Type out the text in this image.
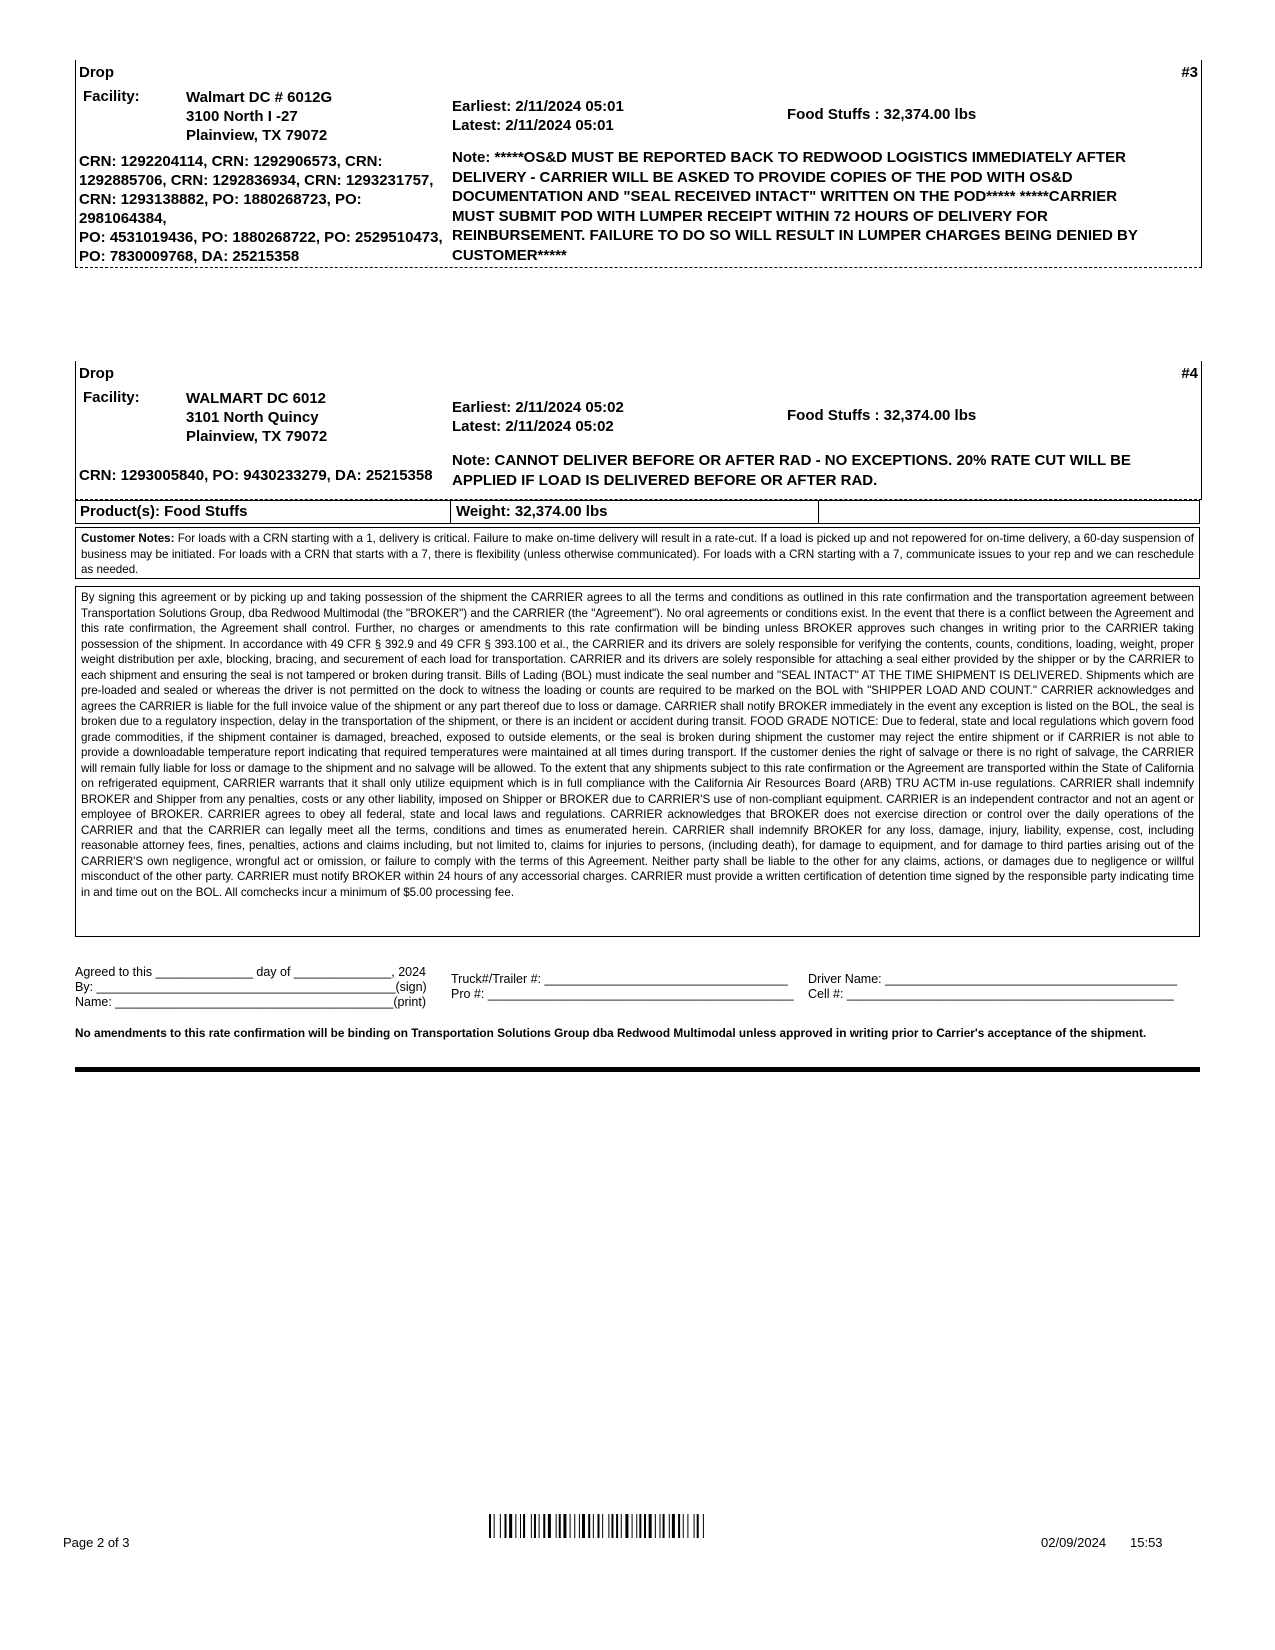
Drop	#3
Facility:	Walmart DC # 6012G
3100 North I -27
Plainview, TX 79072
Earliest: 2/11/2024 05:01
Latest: 2/11/2024 05:01
Food Stuffs : 32,374.00 lbs
CRN: 1292204114, CRN: 1292906573, CRN:
1292885706, CRN: 1292836934, CRN: 1293231757,
CRN: 1293138882, PO: 1880268723, PO: 2981064384,
PO: 4531019436, PO: 1880268722, PO: 2529510473,
PO: 7830009768, DA: 25215358
Note: *****OS&D MUST BE REPORTED BACK TO REDWOOD LOGISTICS IMMEDIATELY AFTER
DELIVERY - CARRIER WILL BE ASKED TO PROVIDE COPIES OF THE POD WITH OS&D
DOCUMENTATION AND "SEAL RECEIVED INTACT" WRITTEN ON THE POD***** *****CARRIER
MUST SUBMIT POD WITH LUMPER RECEIPT WITHIN 72 HOURS OF DELIVERY FOR
REINBURSEMENT. FAILURE TO DO SO WILL RESULT IN LUMPER CHARGES BEING DENIED BY
CUSTOMER*****
Drop	#4
Facility:	WALMART DC 6012
3101 North Quincy
Plainview, TX 79072
Earliest: 2/11/2024 05:02
Latest: 2/11/2024 05:02
Food Stuffs : 32,374.00 lbs
CRN: 1293005840, PO: 9430233279, DA: 25215358
Note: CANNOT DELIVER BEFORE OR AFTER RAD - NO EXCEPTIONS. 20% RATE CUT WILL BE
APPLIED IF LOAD IS DELIVERED BEFORE OR AFTER RAD.
Product(s): Food Stuffs	Weight: 32,374.00 lbs
Customer Notes: For loads with a CRN starting with a 1, delivery is critical. Failure to make on-time delivery will result in a rate-cut. If a load is picked up and not repowered for on-time delivery, a 60-day suspension of business may be initiated. For loads with a CRN that starts with a 7, there is flexibility (unless otherwise communicated). For loads with a CRN starting with a 7, communicate issues to your rep and we can reschedule as needed.
By signing this agreement or by picking up and taking possession of the shipment the CARRIER agrees to all the terms and conditions as outlined in this rate confirmation and the transportation agreement between Transportation Solutions Group, dba Redwood Multimodal (the "BROKER") and the CARRIER (the "Agreement"). No oral agreements or conditions exist. In the event that there is a conflict between the Agreement and this rate confirmation, the Agreement shall control. Further, no charges or amendments to this rate confirmation will be binding unless BROKER approves such changes in writing prior to the CARRIER taking possession of the shipment. In accordance with 49 CFR § 392.9 and 49 CFR § 393.100 et al., the CARRIER and its drivers are solely responsible for verifying the contents, counts, conditions, loading, weight, proper weight distribution per axle, blocking, bracing, and securement of each load for transportation. CARRIER and its drivers are solely responsible for attaching a seal either provided by the shipper or by the CARRIER to each shipment and ensuring the seal is not tampered or broken during transit. Bills of Lading (BOL) must indicate the seal number and "SEAL INTACT" AT THE TIME SHIPMENT IS DELIVERED. Shipments which are pre-loaded and sealed or whereas the driver is not permitted on the dock to witness the loading or counts are required to be marked on the BOL with "SHIPPER LOAD AND COUNT." CARRIER acknowledges and agrees the CARRIER is liable for the full invoice value of the shipment or any part thereof due to loss or damage. CARRIER shall notify BROKER immediately in the event any exception is listed on the BOL, the seal is broken due to a regulatory inspection, delay in the transportation of the shipment, or there is an incident or accident during transit. FOOD GRADE NOTICE: Due to federal, state and local regulations which govern food grade commodities, if the shipment container is damaged, breached, exposed to outside elements, or the seal is broken during shipment the customer may reject the entire shipment or if CARRIER is not able to provide a downloadable temperature report indicating that required temperatures were maintained at all times during transport. If the customer denies the right of salvage or there is no right of salvage, the CARRIER will remain fully liable for loss or damage to the shipment and no salvage will be allowed. To the extent that any shipments subject to this rate confirmation or the Agreement are transported within the State of California on refrigerated equipment, CARRIER warrants that it shall only utilize equipment which is in full compliance with the California Air Resources Board (ARB) TRU ACTM in-use regulations. CARRIER shall indemnify BROKER and Shipper from any penalties, costs or any other liability, imposed on Shipper or BROKER due to CARRIER'S use of non-compliant equipment. CARRIER is an independent contractor and not an agent or employee of BROKER. CARRIER agrees to obey all federal, state and local laws and regulations. CARRIER acknowledges that BROKER does not exercise direction or control over the daily operations of the CARRIER and that the CARRIER can legally meet all the terms, conditions and times as enumerated herein. CARRIER shall indemnify BROKER for any loss, damage, injury, liability, expense, cost, including reasonable attorney fees, fines, penalties, actions and claims including, but not limited to, claims for injuries to persons, (including death), for damage to equipment, and for damage to third parties arising out of the CARRIER'S own negligence, wrongful act or omission, or failure to comply with the terms of this Agreement. Neither party shall be liable to the other for any claims, actions, or damages due to negligence or willful misconduct of the other party. CARRIER must notify BROKER within 24 hours of any accessorial charges. CARRIER must provide a written certification of detention time signed by the responsible party indicating time in and time out on the BOL. All comchecks incur a minimum of $5.00 processing fee.
Agreed to this ______________ day of ______________, 2024
By: ___________________________________________(sign)
Name: ________________________________________(print)
Truck#/Trailer #: ___________________________________
Pro #: ____________________________________________
Driver Name: __________________________________________
Cell #: _______________________________________________
No amendments to this rate confirmation will be binding on Transportation Solutions Group dba Redwood Multimodal unless approved in writing prior to Carrier's acceptance of the shipment.
Page 2 of 3	02/09/2024 15:53
